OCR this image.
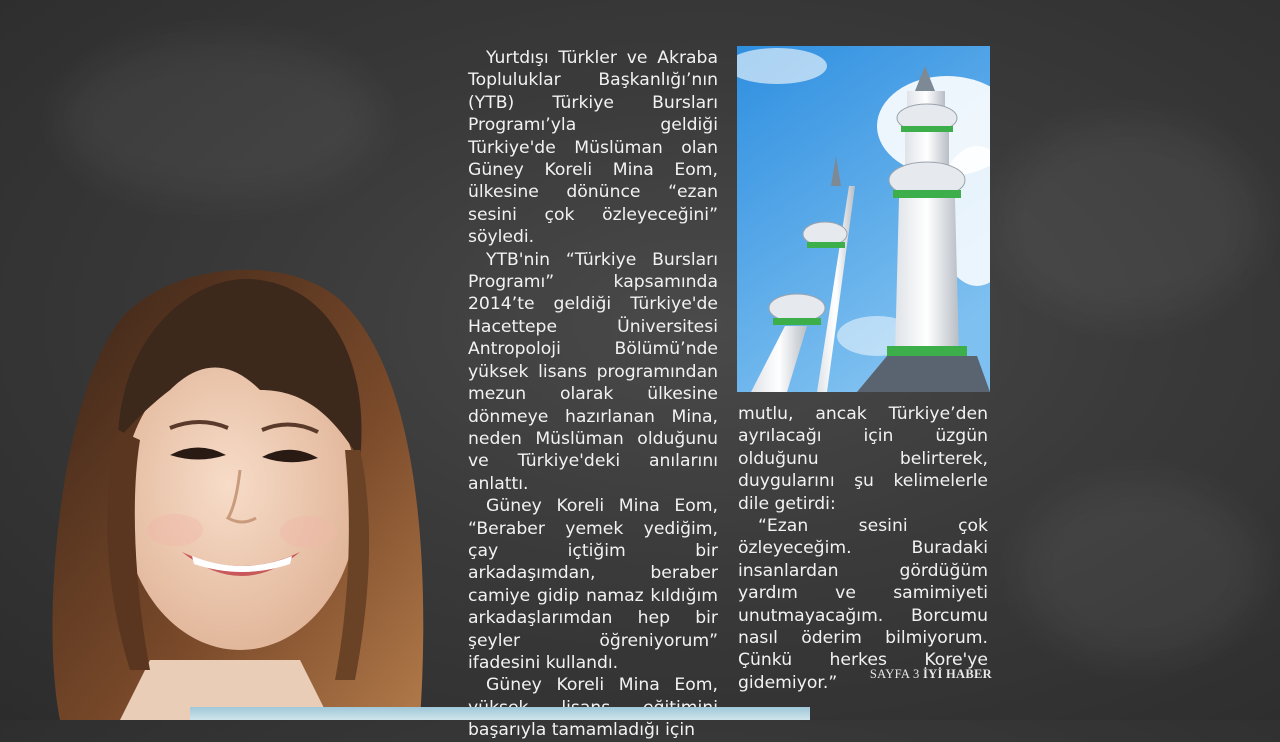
Yurtdışı Türkler ve Akraba Topluluklar Başkanlığı’nın (YTB) Türkiye Bursları Programı’yla geldiği Türkiye'de Müslüman olan Güney Koreli Mina Eom, ülkesine dönünce “ezan sesini çok özleyeceğini” söyledi.

YTB'nin “Türkiye Bursları Programı” kapsamında 2014’te geldiği Türkiye'de Hacettepe Üniversitesi Antropoloji Bölümü’nde yüksek lisans programından mezun olarak ülkesine dönmeye hazırlanan Mina, neden Müslüman olduğunu ve Türkiye'deki anılarını anlattı.

Güney Koreli Mina Eom, “Beraber yemek yediğim, çay içtiğim bir arkadaşımdan, beraber camiye gidip namaz kıldığım arkadaşlarımdan hep bir şeyler öğreniyorum” ifadesini kullandı.

Güney Koreli Mina Eom, başarıyla tamamladığı için

mutlu, ancak Türkiye’den ayrılacağı için üzgün olduğunu belirterek, duygularını şu kelimelerle dile getirdi:

“Ezan sesini çok özleyeceğim. Buradaki insanlardan gördüğüm yardım ve samimiyeti unutmayacağım. Borcumu nasıl öderim bilmiyorum. Çünkü herkes Kore'ye gidemiyor.”	SAYFA 3 İYİ HABER
